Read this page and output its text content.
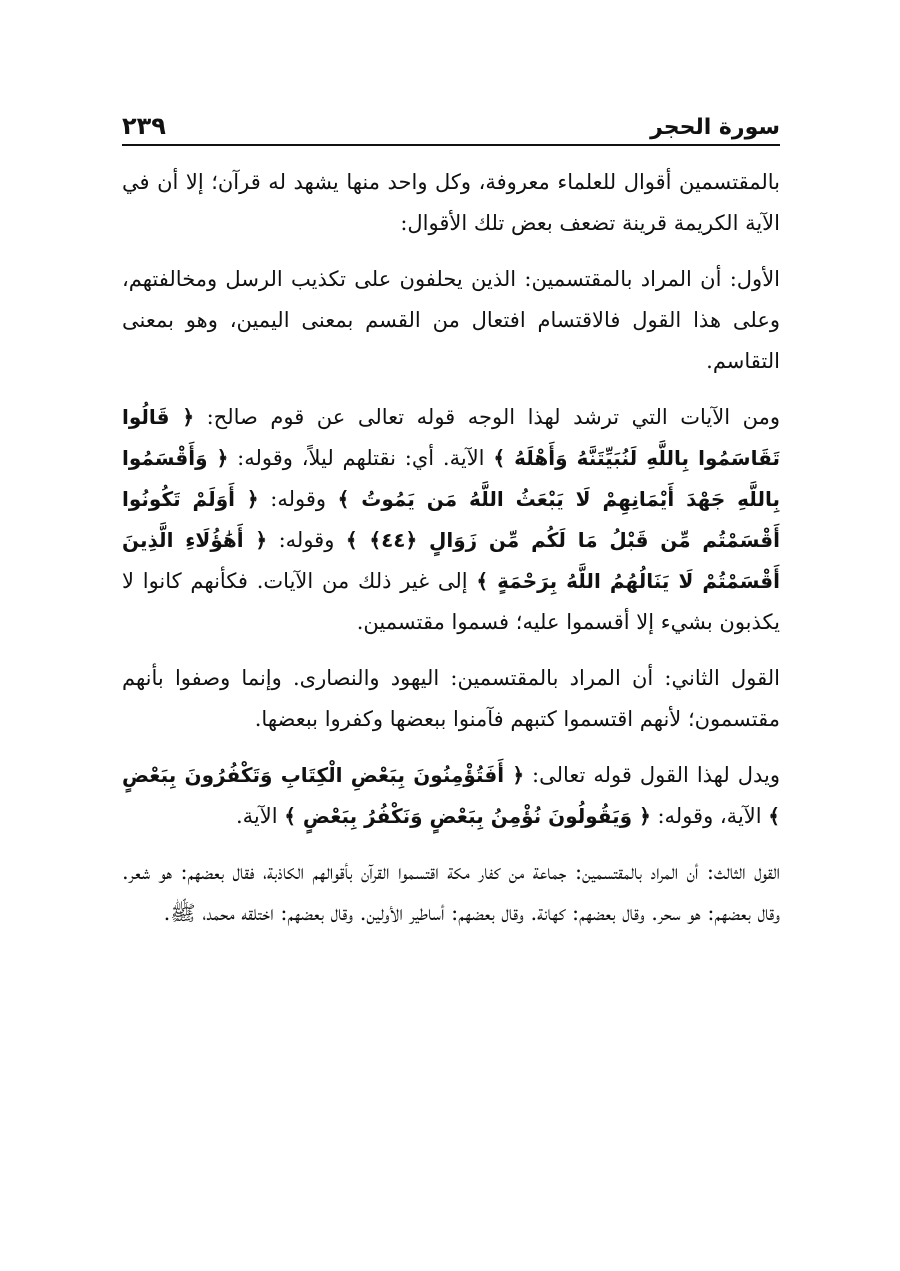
سورة الحجر
٢٣٩

بالمقتسمين أقوال للعلماء معروفة، وكل واحد منها يشهد له قرآن؛ إلا أن في الآية الكريمة قرينة تضعف بعض تلك الأقوال:

الأول: أن المراد بالمقتسمين: الذين يحلفون على تكذيب الرسل ومخالفتهم، وعلى هذا القول فالاقتسام افتعال من القسم بمعنى اليمين، وهو بمعنى التقاسم.

ومن الآيات التي ترشد لهذا الوجه قوله تعالى عن قوم صالح: ﴿ قَالُوا تَقَاسَمُوا بِاللَّهِ لَنُبَيِّتَنَّهُ وَأَهْلَهُ ﴾ الآية. أي: نقتلهم ليلاً، وقوله: ﴿ وَأَقْسَمُوا بِاللَّهِ جَهْدَ أَيْمَانِهِمْ لَا يَبْعَثُ اللَّهُ مَن يَمُوتُ ﴾ وقوله: ﴿ أَوَلَمْ تَكُونُوا أَقْسَمْتُم مِّن قَبْلُ مَا لَكُم مِّن زَوَالٍ ﴿٤٤﴾ ﴾ وقوله: ﴿ أَهَٰؤُلَاءِ الَّذِينَ أَقْسَمْتُمْ لَا يَنَالُهُمُ اللَّهُ بِرَحْمَةٍ ﴾ إلى غير ذلك من الآيات. فكأنهم كانوا لا يكذبون بشيء إلا أقسموا عليه؛ فسموا مقتسمين.

القول الثاني: أن المراد بالمقتسمين: اليهود والنصارى. وإنما وصفوا بأنهم مقتسمون؛ لأنهم اقتسموا كتبهم فآمنوا ببعضها وكفروا ببعضها.

ويدل لهذا القول قوله تعالى: ﴿ أَفَتُؤْمِنُونَ بِبَعْضِ الْكِتَابِ وَتَكْفُرُونَ بِبَعْضٍ ﴾ الآية، وقوله: ﴿ وَيَقُولُونَ نُؤْمِنُ بِبَعْضٍ وَنَكْفُرُ بِبَعْضٍ ﴾ الآية.

القول الثالث: أن المراد بالمقتسمين: جماعة من كفار مكة اقتسموا القرآن بأقوالهم الكاذبة، فقال بعضهم: هو شعر. وقال بعضهم: هو سحر. وقال بعضهم: كهانة. وقال بعضهم: أساطير الأولين. وقال بعضهم: اختلقه محمد، ﷺ.
